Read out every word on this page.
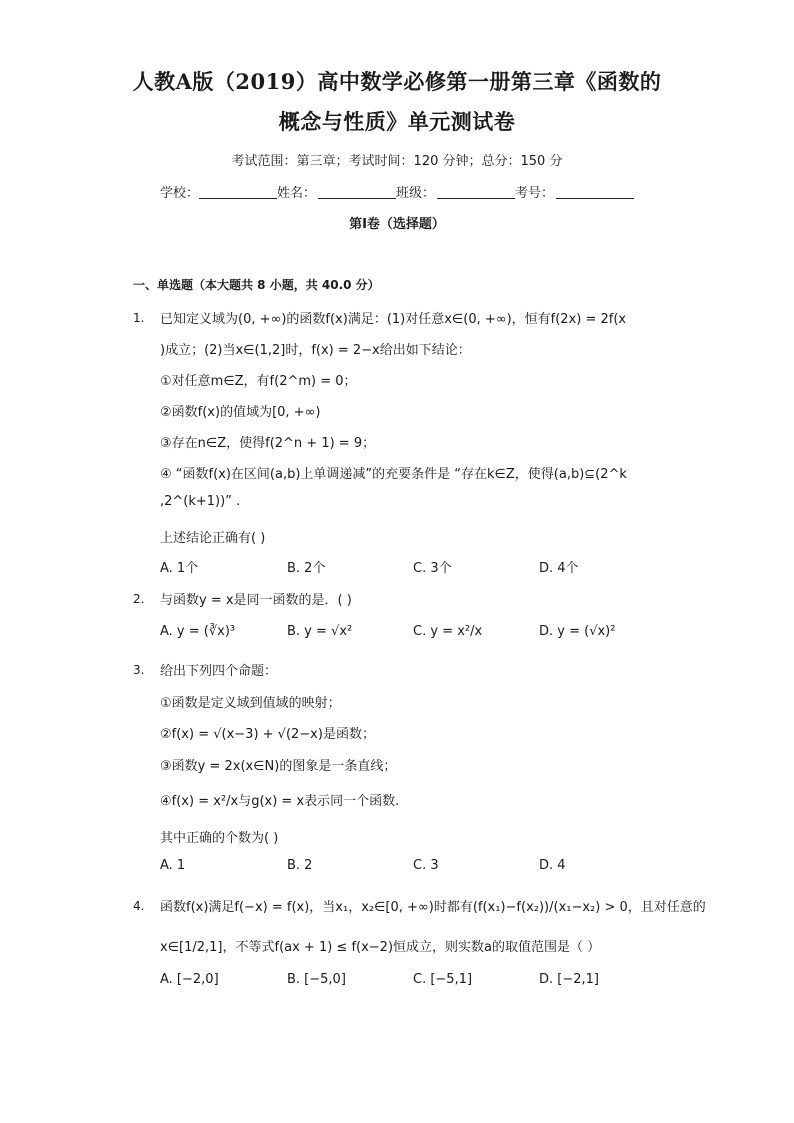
人教A版（2019）高中数学必修第一册第三章《函数的
概念与性质》单元测试卷
考试范围：第三章；考试时间：120 分钟；总分：150 分
学校：	姓名：	班级：	考号：
第I卷（选择题）
一、单选题（本大题共 8 小题，共 40.0 分）
1. 已知定义域为(0, +∞)的函数f(x)满足：(1)对任意x∈(0, +∞)，恒有f(2x) = 2f(x
)成立；(2)当x∈(1,2]时，f(x) = 2−x给出如下结论：
①对任意m∈Z，有f(2^m) = 0；
②函数f(x)的值域为[0, +∞)
③存在n∈Z，使得f(2^n + 1) = 9；
④ “函数f(x)在区间(a,b)上单调递减”的充要条件是 “存在k∈Z，使得(a,b)⊆(2^k
,2^(k+1))” .
上述结论正确有( )
A. 1个	B. 2个	C. 3个	D. 4个
2. 与函数y = x是同一函数的是．( )
A. y = (∛x)³	B. y = √x²	C. y = x²/x	D. y = (√x)²
3. 给出下列四个命题：
①函数是定义域到值域的映射；
②f(x) = √(x−3) + √(2−x)是函数；
③函数y = 2x(x∈N)的图象是一条直线；
④f(x) = x²/x与g(x) = x表示同一个函数.
其中正确的个数为( )
A. 1	B. 2	C. 3	D. 4
4. 函数f(x)满足f(−x) = f(x)，当x₁，x₂∈[0, +∞)时都有(f(x₁)−f(x₂))/(x₁−x₂) > 0，且对任意的
x∈[1/2,1]，不等式f(ax + 1) ≤ f(x−2)恒成立，则实数a的取值范围是（ ）
A. [−2,0]	B. [−5,0]	C. [−5,1]	D. [−2,1]
